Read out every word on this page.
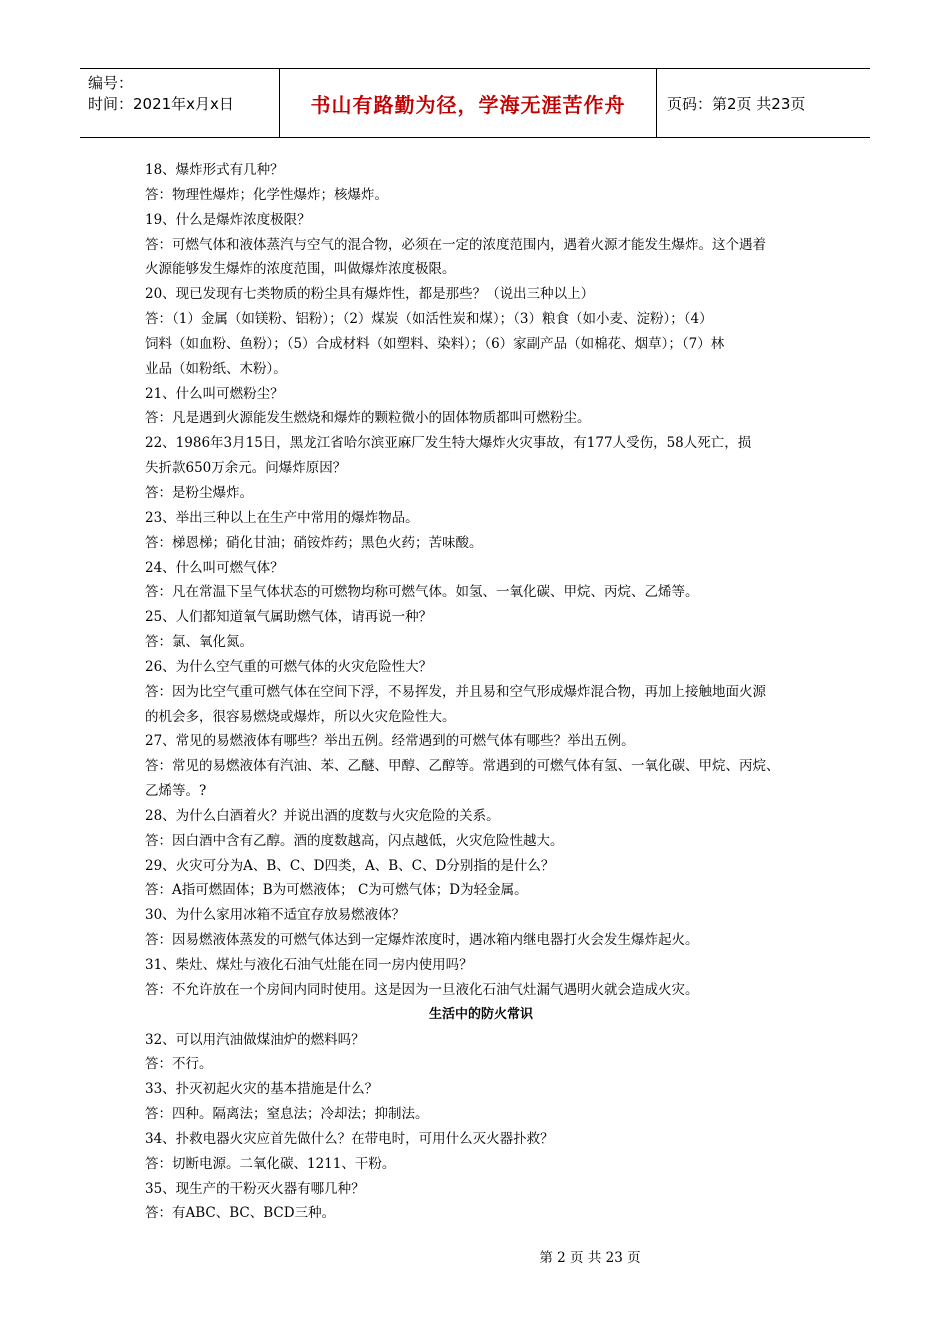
编号：
时间：2021年x月x日	书山有路勤为径，学海无涯苦作舟	页码：第2页 共23页

18、爆炸形式有几种？

答：物理性爆炸；化学性爆炸；核爆炸。

19、什么是爆炸浓度极限？

答：可燃气体和液体蒸汽与空气的混合物，必须在一定的浓度范围内，遇着火源才能发生爆炸。这个遇着

火源能够发生爆炸的浓度范围，叫做爆炸浓度极限。

20、现已发现有七类物质的粉尘具有爆炸性，都是那些？（说出三种以上）

答：（1）金属（如镁粉、铝粉）；（2）煤炭（如活性炭和煤）；（3）粮食（如小麦、淀粉）；（4）

饲料（如血粉、鱼粉）；（5）合成材料（如塑料、染料）；（6）家副产品（如棉花、烟草）；（7）林

业品（如粉纸、木粉）。

21、什么叫可燃粉尘？

答：凡是遇到火源能发生燃烧和爆炸的颗粒微小的固体物质都叫可燃粉尘。

22、1986年3月15日，黑龙江省哈尔滨亚麻厂发生特大爆炸火灾事故，有177人受伤，58人死亡，损

失折款650万余元。问爆炸原因？

答：是粉尘爆炸。

23、举出三种以上在生产中常用的爆炸物品。

答：梯恩梯；硝化甘油；硝铵炸药；黑色火药；苦味酸。

24、什么叫可燃气体？

答：凡在常温下呈气体状态的可燃物均称可燃气体。如氢、一氧化碳、甲烷、丙烷、乙烯等。

25、人们都知道氧气属助燃气体，请再说一种？

答：氯、氧化氮。

26、为什么空气重的可燃气体的火灾危险性大？

答：因为比空气重可燃气体在空间下浮，不易挥发，并且易和空气形成爆炸混合物，再加上接触地面火源

的机会多，很容易燃烧或爆炸，所以火灾危险性大。

27、常见的易燃液体有哪些？举出五例。经常遇到的可燃气体有哪些？举出五例。

答：常见的易燃液体有汽油、苯、乙醚、甲醇、乙醇等。常遇到的可燃气体有氢、一氧化碳、甲烷、丙烷、

乙烯等。?

28、为什么白酒着火？并说出酒的度数与火灾危险的关系。

答：因白酒中含有乙醇。酒的度数越高，闪点越低，火灾危险性越大。

29、火灾可分为A、B、C、D四类，A、B、C、D分别指的是什么？

答：A指可燃固体；B为可燃液体； C为可燃气体；D为轻金属。

30、为什么家用冰箱不适宜存放易燃液体？

答：因易燃液体蒸发的可燃气体达到一定爆炸浓度时，遇冰箱内继电器打火会发生爆炸起火。

31、柴灶、煤灶与液化石油气灶能在同一房内使用吗？

答：不允许放在一个房间内同时使用。这是因为一旦液化石油气灶漏气遇明火就会造成火灾。

生活中的防火常识

32、可以用汽油做煤油炉的燃料吗？

答：不行。

33、扑灭初起火灾的基本措施是什么？

答：四种。隔离法；窒息法；冷却法；抑制法。

34、扑救电器火灾应首先做什么？在带电时，可用什么灭火器扑救？

答：切断电源。二氧化碳、1211、干粉。

35、现生产的干粉灭火器有哪几种？

答：有ABC、BC、BCD三种。

第 2 页 共 23 页
